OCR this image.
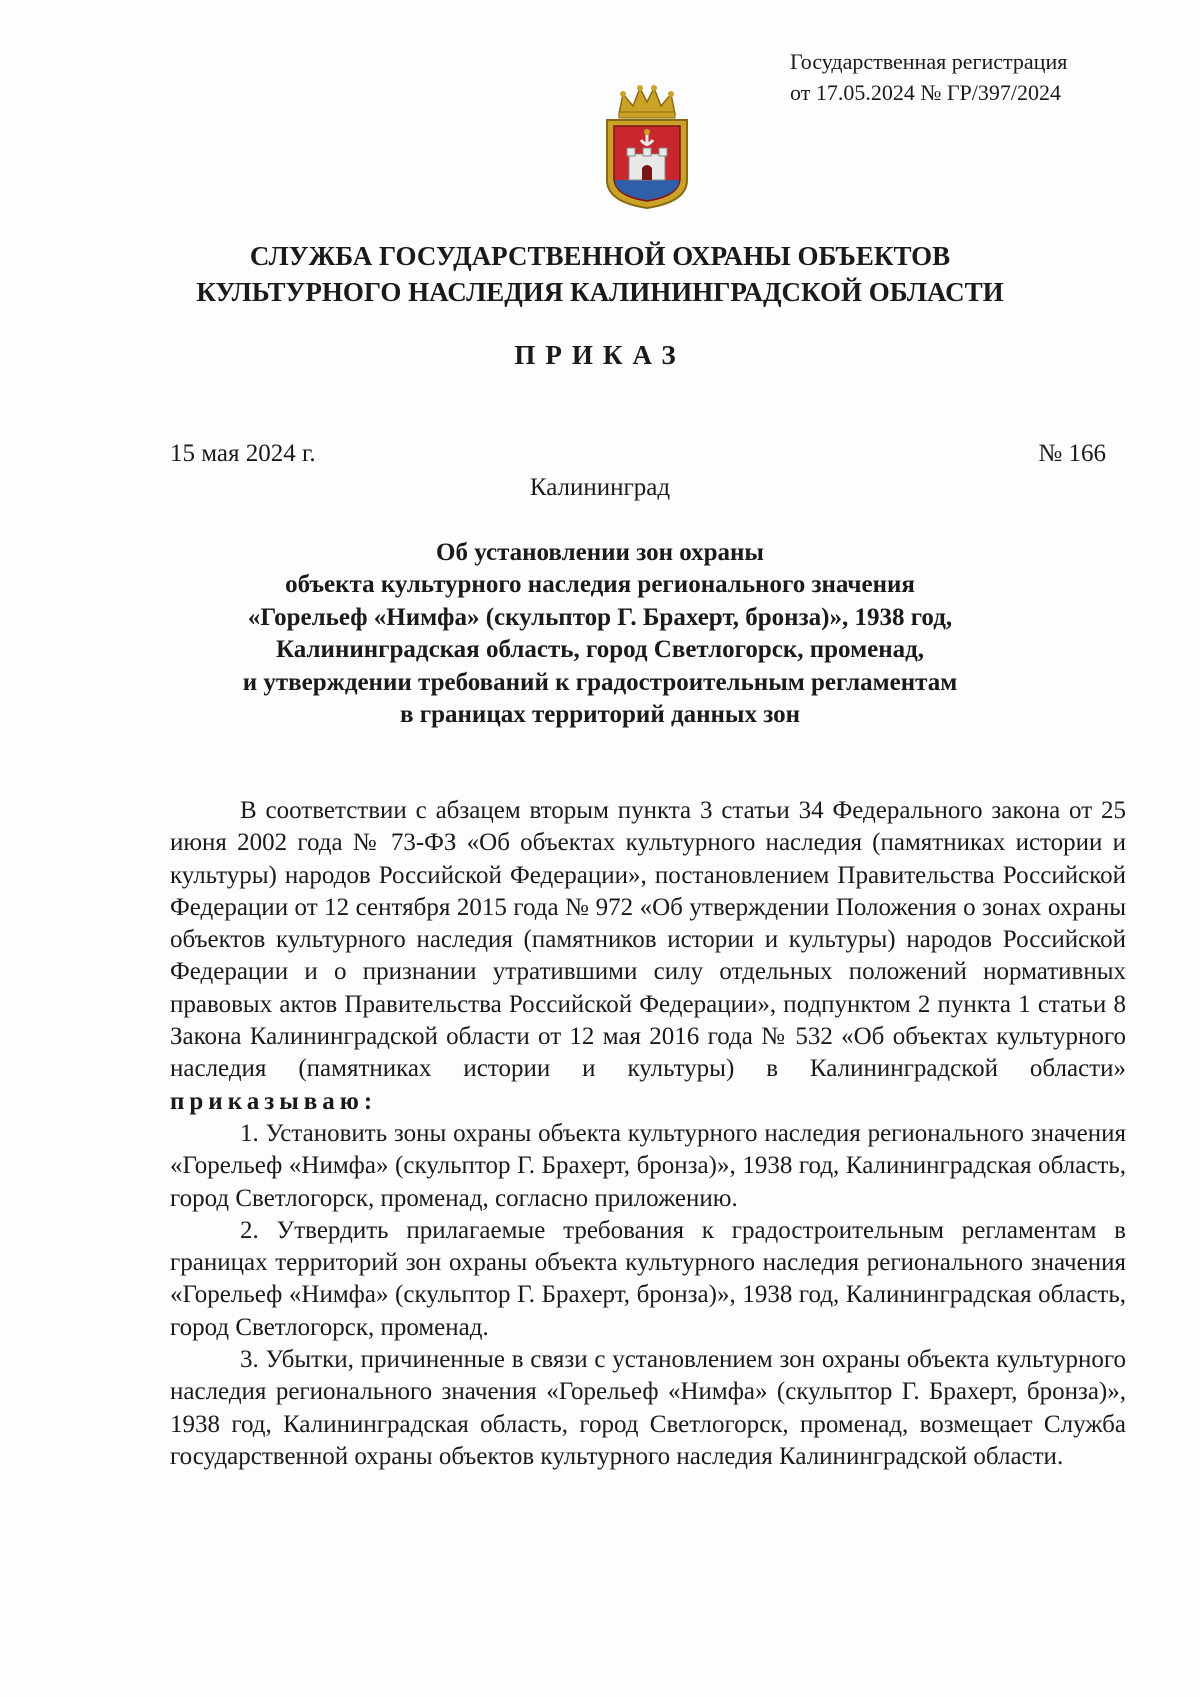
Государственная регистрация
от 17.05.2024 № ГР/397/2024
СЛУЖБА ГОСУДАРСТВЕННОЙ ОХРАНЫ ОБЪЕКТОВ
КУЛЬТУРНОГО НАСЛЕДИЯ КАЛИНИНГРАДСКОЙ ОБЛАСТИ
ПРИКАЗ
15 мая 2024 г.	№ 166
Калининград
Об установлении зон охраны
объекта культурного наследия регионального значения
«Горельеф «Нимфа» (скульптор Г. Брахерт, бронза)», 1938 год,
Калининградская область, город Светлогорск, променад,
и утверждении требований к градостроительным регламентам
в границах территорий данных зон

В соответствии с абзацем вторым пункта 3 статьи 34 Федерального закона от 25 июня 2002 года № 73-ФЗ «Об объектах культурного наследия (памятниках истории и культуры) народов Российской Федерации», постановлением Правительства Российской Федерации от 12 сентября 2015 года № 972 «Об утверждении Положения о зонах охраны объектов культурного наследия (памятников истории и культуры) народов Российской Федерации и о признании утратившими силу отдельных положений нормативных правовых актов Правительства Российской Федерации», подпунктом 2 пункта 1 статьи 8 Закона Калининградской области от 12 мая 2016 года № 532 «Об объектах культурного наследия (памятниках истории и культуры) в Калининградской области» приказываю:

1. Установить зоны охраны объекта культурного наследия регионального значения «Горельеф «Нимфа» (скульптор Г. Брахерт, бронза)», 1938 год, Калининградская область, город Светлогорск, променад, согласно приложению.

2. Утвердить прилагаемые требования к градостроительным регламентам в границах территорий зон охраны объекта культурного наследия регионального значения «Горельеф «Нимфа» (скульптор Г. Брахерт, бронза)», 1938 год, Калининградская область, город Светлогорск, променад.

3. Убытки, причиненные в связи с установлением зон охраны объекта культурного наследия регионального значения «Горельеф «Нимфа» (скульптор Г. Брахерт, бронза)», 1938 год, Калининградская область, город Светлогорск, променад, возмещает Служба государственной охраны объектов культурного наследия Калининградской области.
